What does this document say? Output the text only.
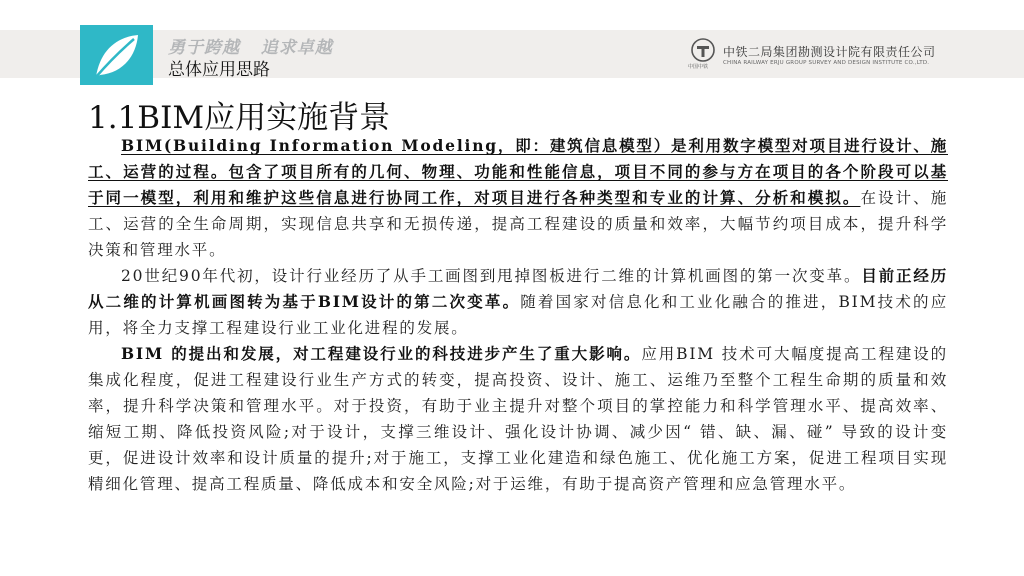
勇于跨越   追求卓越
总体应用思路	中国中铁
中铁二局集团勘测设计院有限责任公司
CHINA RAILWAY ERJU GROUP SURVEY AND DESIGN INSTITUTE CO.,LTD.
1.1BIM应用实施背景

BIM(Building Information Modeling，即：建筑信息模型）是利用数字模型对项目进行设计、施工、运营的过程。包含了项目所有的几何、物理、功能和性能信息，项目不同的参与方在项目的各个阶段可以基于同一模型，利用和维护这些信息进行协同工作，对项目进行各种类型和专业的计算、分析和模拟。在设计、施工、运营的全生命周期，实现信息共享和无损传递，提高工程建设的质量和效率，大幅节约项目成本，提升科学决策和管理水平。

20世纪90年代初，设计行业经历了从手工画图到甩掉图板进行二维的计算机画图的第一次变革。目前正经历从二维的计算机画图转为基于BIM设计的第二次变革。随着国家对信息化和工业化融合的推进，BIM技术的应用，将全力支撑工程建设行业工业化进程的发展。

BIM 的提出和发展，对工程建设行业的科技进步产生了重大影响。应用BIM 技术可大幅度提高工程建设的集成化程度，促进工程建设行业生产方式的转变，提高投资、设计、施工、运维乃至整个工程生命期的质量和效率，提升科学决策和管理水平。对于投资，有助于业主提升对整个项目的掌控能力和科学管理水平、提高效率、缩短工期、降低投资风险;对于设计，支撑三维设计、强化设计协调、减少因“ 错、缺、漏、碰” 导致的设计变更，促进设计效率和设计质量的提升;对于施工，支撑工业化建造和绿色施工、优化施工方案，促进工程项目实现精细化管理、提高工程质量、降低成本和安全风险;对于运维，有助于提高资产管理和应急管理水平。
